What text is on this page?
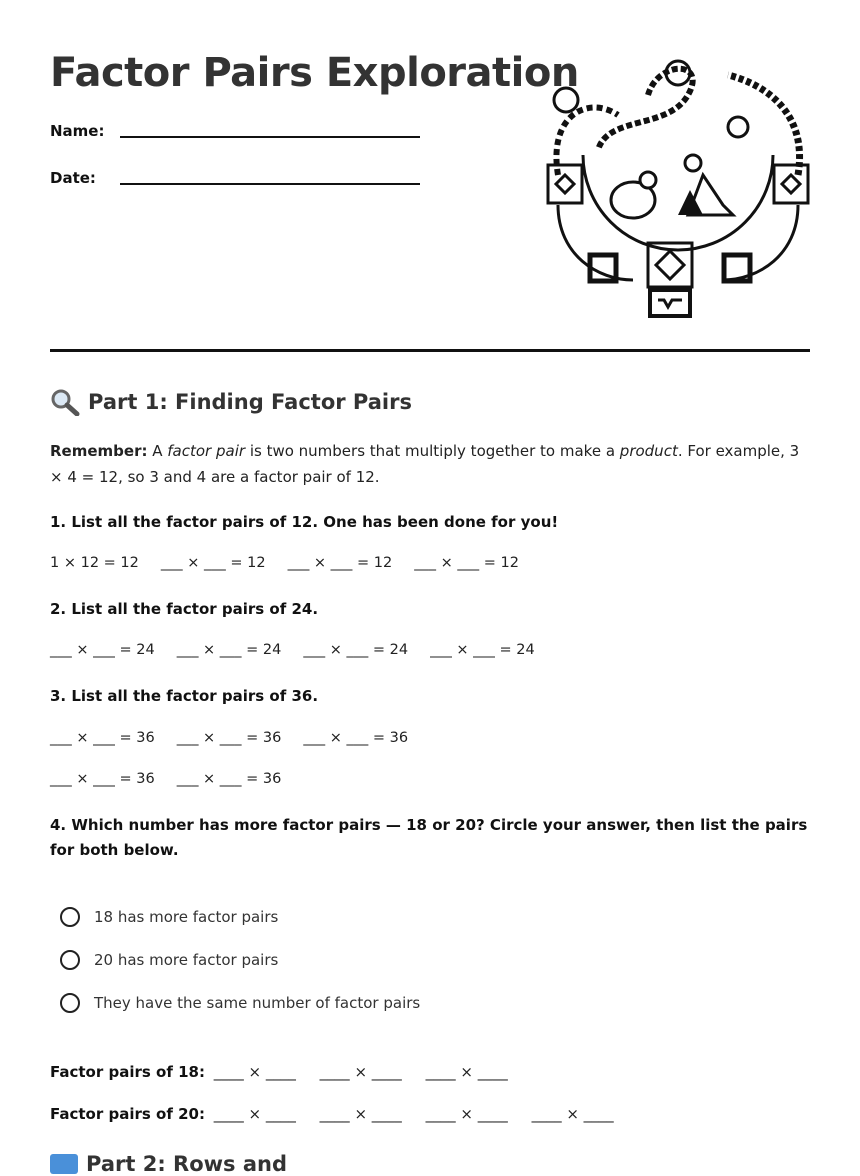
Factor Pairs Exploration
Name:
Date:
Part 1: Finding Factor Pairs
Remember: A factor pair is two numbers that multiply together to make a product. For example, 3 × 4 = 12, so 3 and 4 are a factor pair of 12.
1. List all the factor pairs of 12. One has been done for you!
1 × 12 = 12 ___ × ___ = 12 ___ × ___ = 12 ___ × ___ = 12
2. List all the factor pairs of 24.
___ × ___ = 24 ___ × ___ = 24 ___ × ___ = 24 ___ × ___ = 24
3. List all the factor pairs of 36.
___ × ___ = 36 ___ × ___ = 36 ___ × ___ = 36
___ × ___ = 36 ___ × ___ = 36
4. Which number has more factor pairs — 18 or 20? Circle your answer, then list the pairs for both below.
18 has more factor pairs
20 has more factor pairs
They have the same number of factor pairs
Factor pairs of 18: ____ × ____     ____ × ____     ____ × ____
Factor pairs of 20: ____ × ____     ____ × ____     ____ × ____     ____ × ____
Part 2: Rows and
